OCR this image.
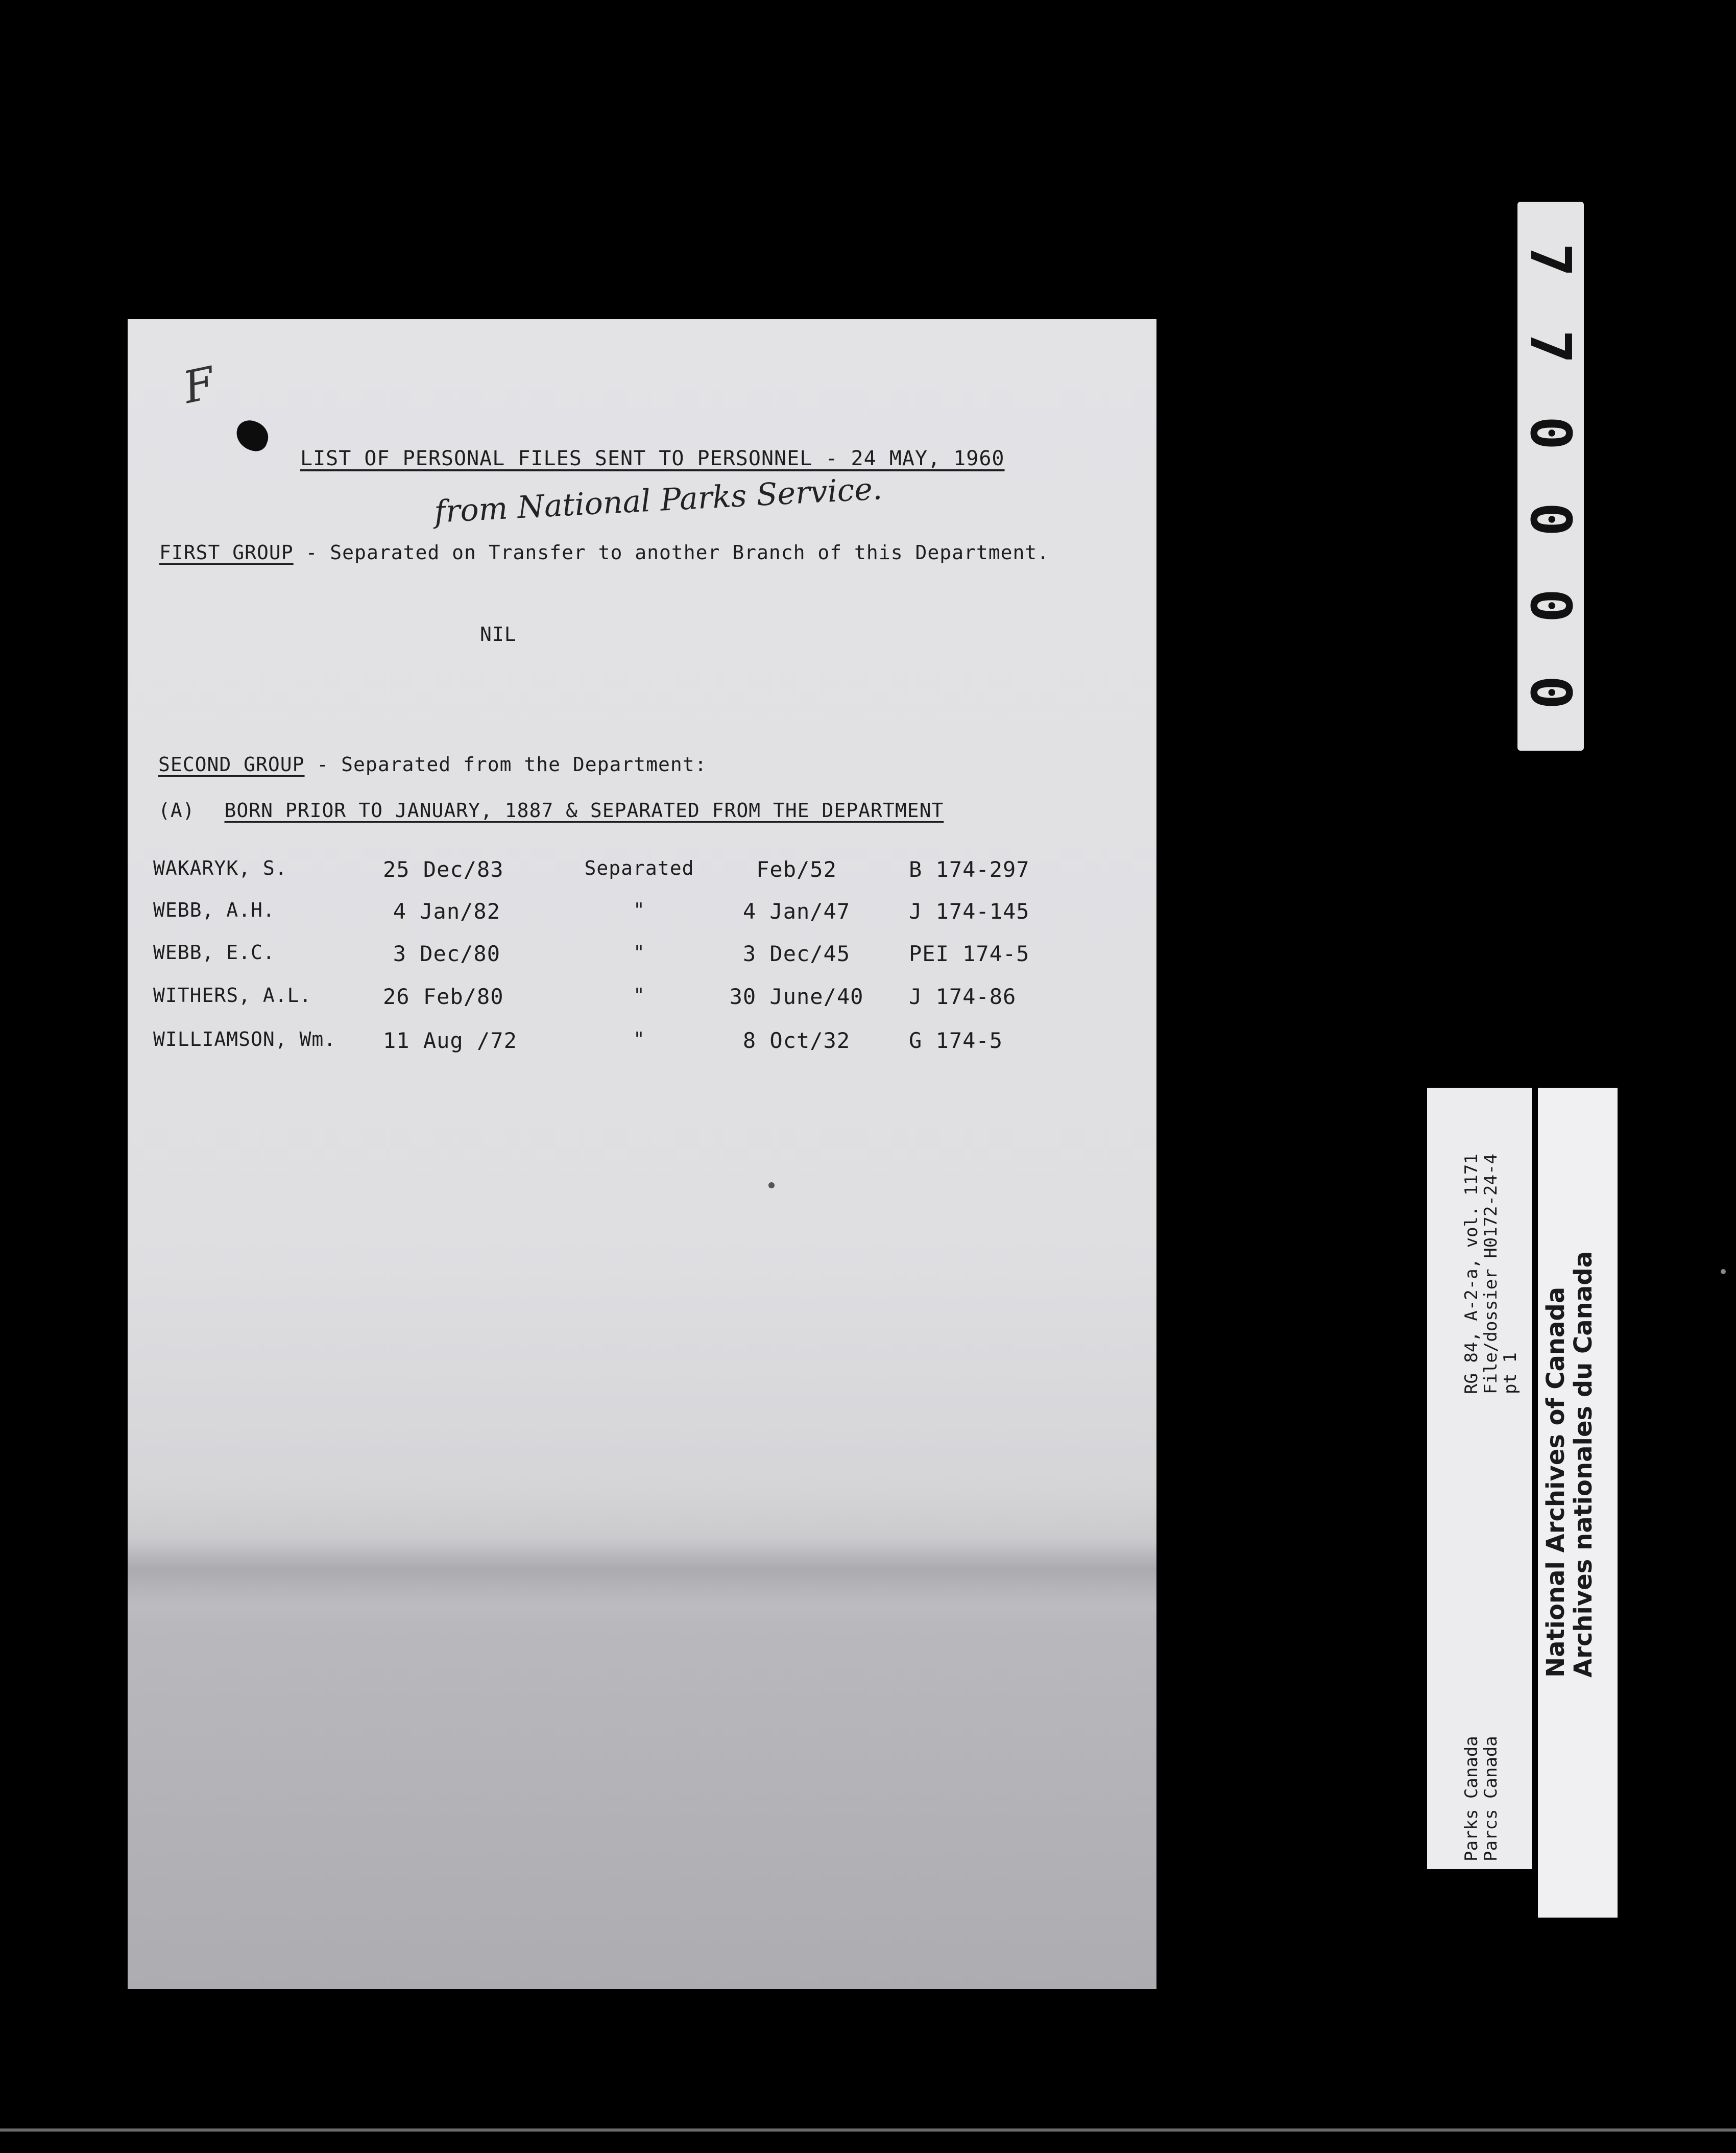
F
LIST OF PERSONAL FILES SENT TO PERSONNEL - 24 MAY, 1960
from National Parks Service.
FIRST GROUP - Separated on Transfer to another Branch of this Department.
NIL
SECOND GROUP - Separated from the Department:
(A) BORN PRIOR TO JANUARY, 1887 & SEPARATED FROM THE DEPARTMENT
WAKARYK, S.	25 Dec/83	Separated	Feb/52	B 174-297
WEBB, A.H.	4 Jan/82	"	4 Jan/47	J 174-145
WEBB, E.C.	3 Dec/80	"	3 Dec/45	PEI 174-5
WITHERS, A.L.	26 Feb/80	"	30 June/40	J 174-86
WILLIAMSON, Wm. 11 Aug /72	"	8 Oct/32	G 174-5
0
0
0
0
7
7
Parks Canada
Parcs Canada
RG 84, A-2-a, vol. 1171
File/dossier H0172-24-4
pt 1 National Archives of Canada
Archives nationales du Canada
